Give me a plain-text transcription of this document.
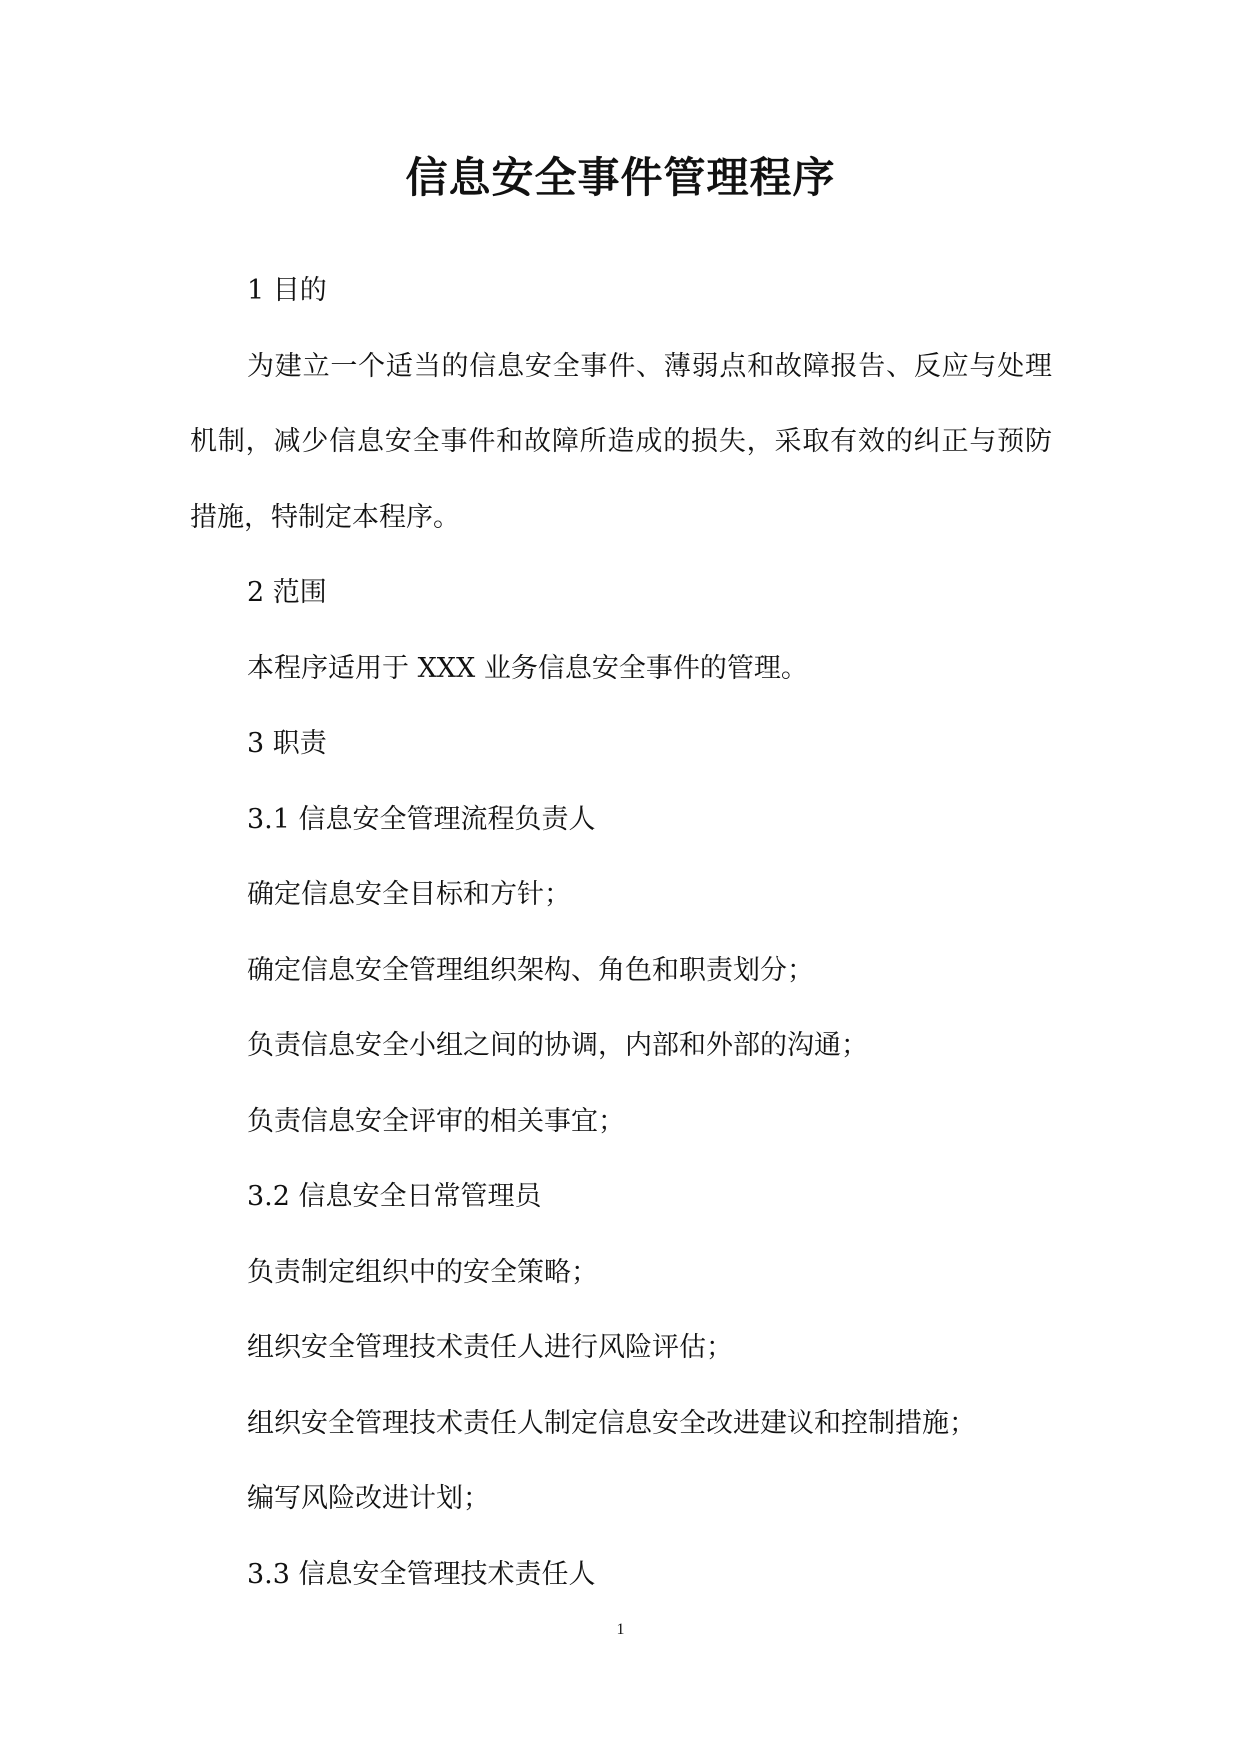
信息安全事件管理程序

1 目的

为建立一个适当的信息安全事件、薄弱点和故障报告、反应与处理机制，减少信息安全事件和故障所造成的损失，采取有效的纠正与预防措施，特制定本程序。

2 范围

本程序适用于 XXX 业务信息安全事件的管理。

3 职责

3.1 信息安全管理流程负责人

确定信息安全目标和方针；

确定信息安全管理组织架构、角色和职责划分；

负责信息安全小组之间的协调，内部和外部的沟通；

负责信息安全评审的相关事宜；

3.2 信息安全日常管理员

负责制定组织中的安全策略；

组织安全管理技术责任人进行风险评估；

组织安全管理技术责任人制定信息安全改进建议和控制措施；

编写风险改进计划；

3.3 信息安全管理技术责任人

1
